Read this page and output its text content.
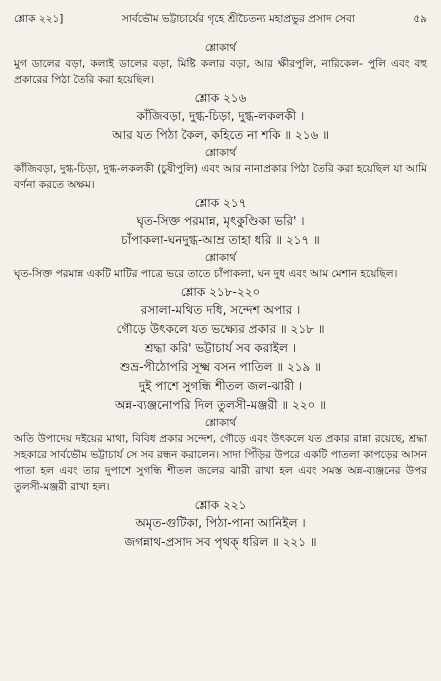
শ্লোক ২২১]	সার্বভৌম ভট্টাচার্যের গৃহে শ্রীচৈতন্য মহাপ্রভুর প্রসাদ সেবা	৫৯

শ্লোকার্থ

মুগ ডালের বড়া, কলাই ডালের বড়া, মিষ্টি কলার বড়া, আর ক্ষীরপুলি, নারিকেল- পুলি এবং বহু প্রকারের পিঠা তৈরি করা হয়েছিল।

শ্লোক ২১৬

কাঁজিবড়া, দুগ্ধ-চিড়া, দুগ্ধ-লকলকী ।

আর যত পিঠা কৈল, কহিতে না শকি ॥ ২১৬ ॥

শ্লোকার্থ

কাঁজিবড়া, দুগ্ধ-চিড়া, দুগ্ধ-লকলকী (চুষীপুলি) এবং আর নানাপ্রকার পিঠা তৈরি করা হয়েছিল যা আমি বর্ণনা করতে অক্ষম।

শ্লোক ২১৭

ঘৃত-সিক্ত পরমান্ন, মৃৎকুণ্ডিকা ভরি' ।

চাঁপাকলা-ঘনদুগ্ধ-আম্র তাহা ধরি ॥ ২১৭ ॥

শ্লোকার্থ

ঘৃত-সিক্ত পরমান্ন একটি মাটির পাত্রে ভরে তাতে চাঁপাকলা, ঘন দুধ এবং আম মেশান হয়েছিল।

শ্লোক ২১৮-২২০

রসালা-মথিত দধি, সন্দেশ অপার ।

গৌড়ে উৎকলে যত ভক্ষ্যের প্রকার ॥ ২১৮ ॥

শ্রদ্ধা করি' ভট্টাচার্য সব করাইল ।

শুভ্র-পীঠোপরি সূক্ষ্ম বসন পাতিল ॥ ২১৯ ॥

দুই পাশে সুগন্ধি শীতল জল-ঝারী ।

অন্ন-ব্যঞ্জনোপরি দিল তুলসী-মঞ্জরী ॥ ২২০ ॥

শ্লোকার্থ

অতি উপাদেয় দইয়ের মাথা, বিবিধ প্রকার সন্দেশ, গৌড়ে এবং উৎকলে যত প্রকার রান্না রয়েছে, শ্রদ্ধা সহকারে সার্বভৌম ভট্টাচার্য সে সব রন্ধন করালেন। সাদা পিঁড়ির উপরে একটি পাতলা কাপড়ের আসন পাতা হল এবং তার দুপাশে সুগন্ধি শীতল জলের ঝারী রাখা হল এবং সমস্ত অন্ন-ব্যঞ্জনের উপর তুলসী-মঞ্জরী রাখা হল।

শ্লোক ২২১

অমৃত-গুটিকা, পিঠা-পানা আনিইল ।

জগন্নাথ-প্রসাদ সব পৃথক্‌ ধরিল ॥ ২২১ ॥
